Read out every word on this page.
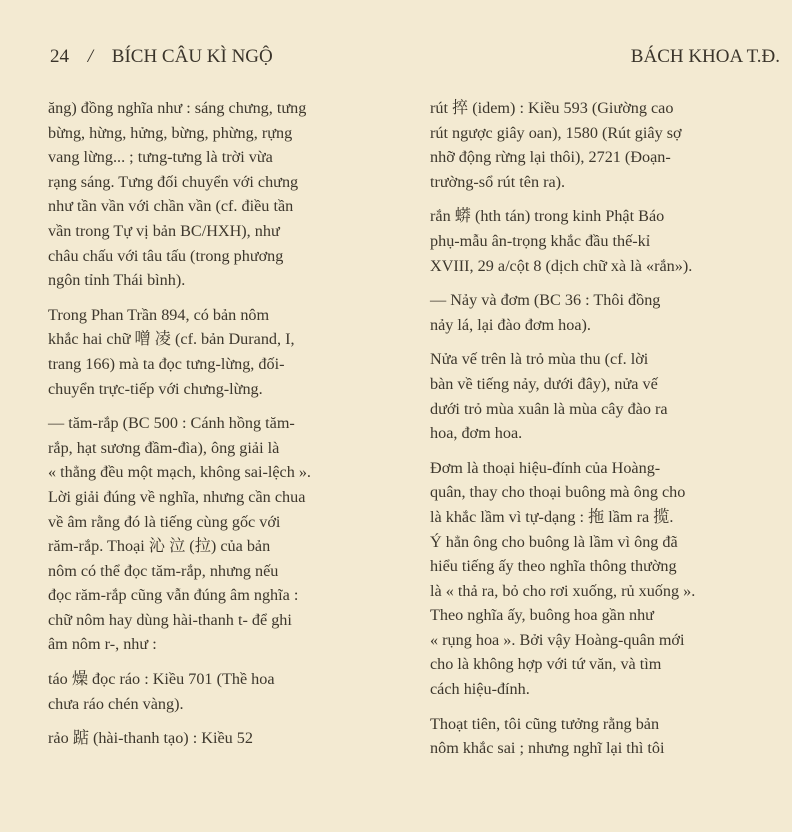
24 / BÍCH CÂU KÌ NGỘ	BÁCH KHOA T.Đ.
ăng) đồng nghĩa như : sáng chưng, tưng
bừng, hừng, hửng, bừng, phừng, rựng
vang lừng... ; tưng-tưng là trời vừa
rạng sáng. Tưng đối chuyển với chưng
như tần vần với chần vần (cf. điều tần
vần trong Tự vị bản BC/HXH), như
châu chấu với tâu tấu (trong phương
ngôn tỉnh Thái bình).
Trong Phan Trần 894, có bản nôm
khắc hai chữ 噌 凌 (cf. bản Durand, I,
trang 166) mà ta đọc tưng-lừng, đối-
chuyển trực-tiếp với chưng-lừng.
— tăm-rắp (BC 500 : Cánh hồng tăm-
rắp, hạt sương đầm-đìa), ông giải là
« thẳng đều một mạch, không sai-lệch ».
Lời giải đúng về nghĩa, nhưng cần chua
về âm rằng đó là tiếng cùng gốc với
răm-rắp. Thoại 沁 泣 (拉) của bản
nôm có thể đọc tăm-rắp, nhưng nếu
đọc răm-rắp cũng vẫn đúng âm nghĩa :
chữ nôm hay dùng hài-thanh t- để ghi
âm nôm r-, như :
táo 燥 đọc ráo : Kiều 701 (Thề hoa
chưa ráo chén vàng).
rảo 踮 (hài-thanh tạo) : Kiều 52
rút 捽 (idem) : Kiều 593 (Giường cao
rút ngược giây oan), 1580 (Rút giây sợ
nhỡ động rừng lại thôi), 2721 (Đoạn-
trường-sổ rút tên ra).
rắn 蟒 (hth tán) trong kinh Phật Báo
phụ-mẫu ân-trọng khắc đầu thế-kỉ
XVIII, 29 a/cột 8 (dịch chữ xà là «rắn»).
— Nảy và đơm (BC 36 : Thôi đồng
nảy lá, lại đào đơm hoa).
Nửa vế trên là trỏ mùa thu (cf. lời
bàn về tiếng nảy, dưới đây), nửa vế
dưới trỏ mùa xuân là mùa cây đào ra
hoa, đơm hoa.
Đơm là thoại hiệu-đính của Hoàng-
quân, thay cho thoại buông mà ông cho
là khắc lầm vì tự-dạng : 拖 lầm ra 揽.
Ý hẳn ông cho buông là lầm vì ông đã
hiểu tiếng ấy theo nghĩa thông thường
là « thả ra, bỏ cho rơi xuống, rủ xuống ».
Theo nghĩa ấy, buông hoa gần như
« rụng hoa ». Bởi vậy Hoàng-quân mới
cho là không hợp với tứ văn, và tìm
cách hiệu-đính.
Thoạt tiên, tôi cũng tưởng rằng bản
nôm khắc sai ; nhưng nghĩ lại thì tôi
